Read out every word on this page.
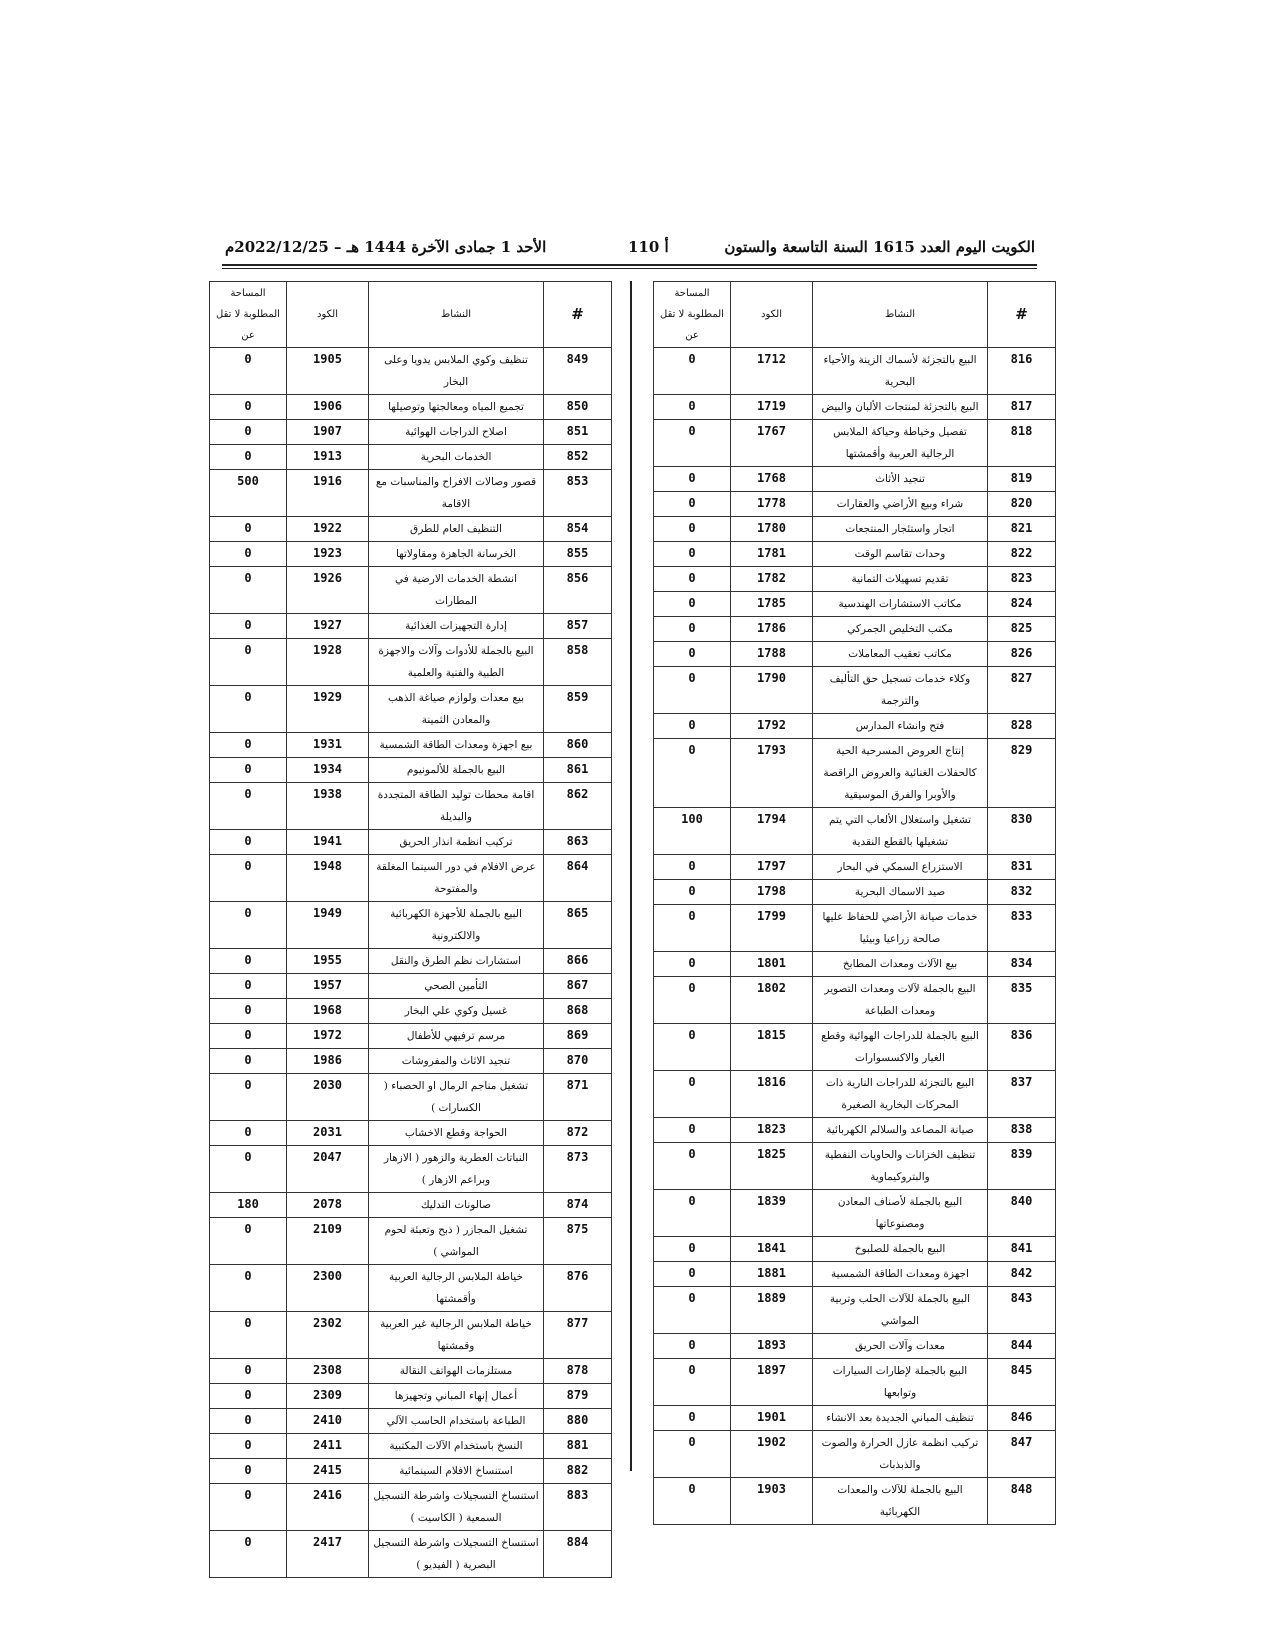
الكويت اليوم العدد 1615 السنة التاسعة والستون
أ 110
الأحد 1 جمادى الآخرة 1444 هـ – 2022/12/25م
#	النشاط	الكود	المساحة المطلوبة لا تقل عن
816	البيع بالتجزئة لأسماك الزينة والأحياء البحرية	1712	0
817	البيع بالتجزئة لمنتجات الألبان والبيض	1719	0
818	تفصيل وخياطة وحياكة الملابس الرجالية العربية وأقمشتها	1767	0
819	تنجيد الأثاث	1768	0
820	شراء وبيع الأراضي والعقارات	1778	0
821	اتجار واستئجار المنتجعات	1780	0
822	وحدات تقاسم الوقت	1781	0
823	تقديم تسهيلات التمانية	1782	0
824	مكاتب الاستشارات الهندسية	1785	0
825	مكتب التخليص الجمركي	1786	0
826	مكاتب تعقيب المعاملات	1788	0
827	وكلاء خدمات تسجيل حق التأليف والترجمة	1790	0
828	فتح وانشاء المدارس	1792	0
829	إنتاج العروض المسرحية الحية كالحفلات الغنائية والعروض الراقصة والأوبرا والفرق الموسيقية	1793	0
830	تشغيل واستغلال الألعاب التي يتم تشغيلها بالقطع النقدية	1794	100
831	الاستزراع السمكي في البحار	1797	0
832	صيد الاسماك البحرية	1798	0
833	خدمات صيانة الأراضي للحفاظ عليها صالحة زراعيا وبيئيا	1799	0
834	بيع الآلات ومعدات المطابخ	1801	0
835	البيع بالجملة لآلات ومعدات التصوير ومعدات الطباعة	1802	0
836	البيع بالجملة للدراجات الهوائية وقطع الغيار والاكسسوارات	1815	0
837	البيع بالتجزئة للدراجات النارية ذات المحركات البخارية الصغيرة	1816	0
838	صيانة المصاعد والسلالم الكهربائية	1823	0
839	تنظيف الخزانات والحاويات النفطية والبتروكيماوية	1825	0
840	البيع بالجملة لأصناف المعادن ومصنوعاتها	1839	0
841	البيع بالجملة للصلبوخ	1841	0
842	اجهزة ومعدات الطاقة الشمسية	1881	0
843	البيع بالجملة للآلات الحلب وتربية المواشي	1889	0
844	معدات وآلات الحريق	1893	0
845	البيع بالجملة لإطارات السيارات وتوابعها	1897	0
846	تنظيف المباني الجديدة بعد الانشاء	1901	0
847	تركيب انظمة عازل الحرارة والصوت والذبذبات	1902	0
848	البيع بالجملة للآلات والمعدات الكهربائية	1903	0
#	النشاط	الكود	المساحة المطلوبة لا تقل عن
849	تنظيف وكوي الملابس يدويا وعلى البخار	1905	0
850	تجميع المياه ومعالجتها وتوصيلها	1906	0
851	اصلاح الدراجات الهوائية	1907	0
852	الخدمات البحرية	1913	0
853	قصور وصالات الافراح والمناسبات مع الاقامة	1916	500
854	التنظيف العام للطرق	1922	0
855	الخرسانة الجاهزة ومقاولاتها	1923	0
856	انشطة الخدمات الارضية في المطارات	1926	0
857	إدارة التجهيزات الغذائية	1927	0
858	البيع بالجملة للأدوات وآلات والاجهزة الطبية والفنية والعلمية	1928	0
859	بيع معدات ولوازم صياغة الذهب والمعادن الثمينة	1929	0
860	بيع اجهزة ومعدات الطاقة الشمسية	1931	0
861	البيع بالجملة للألمونيوم	1934	0
862	اقامة محطات توليد الطاقة المتجددة والبديلة	1938	0
863	تركيب انظمة انذار الحريق	1941	0
864	عرض الافلام في دور السينما المغلقة والمفتوحة	1948	0
865	البيع بالجملة للأجهزة الكهربائية والالكترونية	1949	0
866	استشارات نظم الطرق والنقل	1955	0
867	التأمين الصحي	1957	0
868	غسيل وكوي علي البخار	1968	0
869	مرسم ترفيهي للأطفال	1972	0
870	تنجيد الاثاث والمفروشات	1986	0
871	تشغيل مناجم الرمال او الحصباء ( الكسارات )	2030	0
872	الحواجة وقطع الاخشاب	2031	0
873	النباتات العطرية والزهور ( الازهار وبراعم الازهار )	2047	0
874	صالونات التدليك	2078	180
875	تشغيل المجازر ( ذبح وتعبئة لحوم المواشي )	2109	0
876	خياطة الملابس الرجالية العربية وأقمشتها	2300	0
877	خياطة الملابس الرجالية غير العربية وقمشتها	2302	0
878	مستلزمات الهواتف النقالة	2308	0
879	أعمال إنهاء المباني وتجهيزها	2309	0
880	الطباعة باستخدام الحاسب الآلي	2410	0
881	النسخ باستخدام الآلات المكتبية	2411	0
882	استنساخ الافلام السينمائية	2415	0
883	استنساخ التسجيلات واشرطة التسجيل السمعية ( الكاسيت )	2416	0
884	استنساخ التسجيلات واشرطة التسجيل البصرية ( الفيديو )	2417	0
